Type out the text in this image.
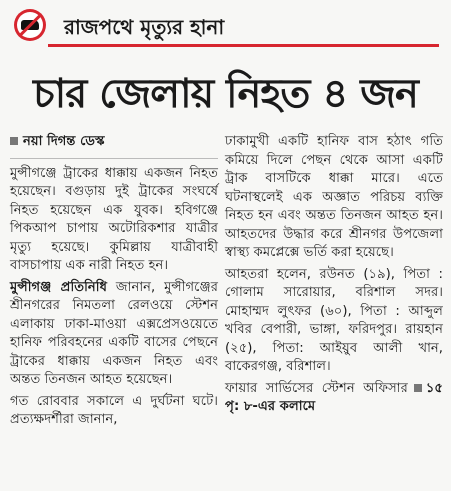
রাজপথে মৃত্যুর হানা
চার জেলায় নিহত ৪ জন
নয়া দিগন্ত ডেস্ক

মুন্সীগঞ্জে ট্রাকের ধাক্কায় একজন নিহত হয়েছেন। বগুড়ায় দুই ট্রাকের সংঘর্ষে নিহত হয়েছেন এক যুবক। হবিগঞ্জে পিকআপ চাপায় অটোরিকশার যাত্রীর মৃত্যু হয়েছে। কুমিল্লায় যাত্রীবাহী বাসচাপায় এক নারী নিহত হন।

মুন্সীগঞ্জ প্রতিনিধি জানান, মুন্সীগঞ্জের শ্রীনগরের নিমতলা রেলওয়ে স্টেশন এলাকায় ঢাকা-মাওয়া এক্সপ্রেসওয়েতে হানিফ পরিবহনের একটি বাসের পেছনে ট্রাকের ধাক্কায় একজন নিহত এবং অন্তত তিনজন আহত হয়েছেন।

গত রোববার সকালে এ দুর্ঘটনা ঘটে। প্রত্যক্ষদর্শীরা জানান,

ঢাকামুখী একটি হানিফ বাস হঠাৎ গতি কমিয়ে দিলে পেছন থেকে আসা একটি ট্রাক বাসটিকে ধাক্কা মারে। এতে ঘটনাস্থলেই এক অজ্ঞাত পরিচয় ব্যক্তি নিহত হন এবং অন্তত তিনজন আহত হন। আহতদের উদ্ধার করে শ্রীনগর উপজেলা স্বাস্থ্য কমপ্লেক্সে ভর্তি করা হয়েছে।

আহতরা হলেন, রউনত (১৯), পিতা : গোলাম সারোয়ার, বরিশাল সদর। মোহাম্মদ লুৎফর (৬০), পিতা : আব্দুল খবির বেপারী, ভাঙ্গা, ফরিদপুর। রায়হান (২৫), পিতা: আইয়ুব আলী খান, বাকেরগঞ্জ, বরিশাল।

ফায়ার সার্ভিসের স্টেশন অফিসার ১৫ পৃ: ৮-এর কলামে
